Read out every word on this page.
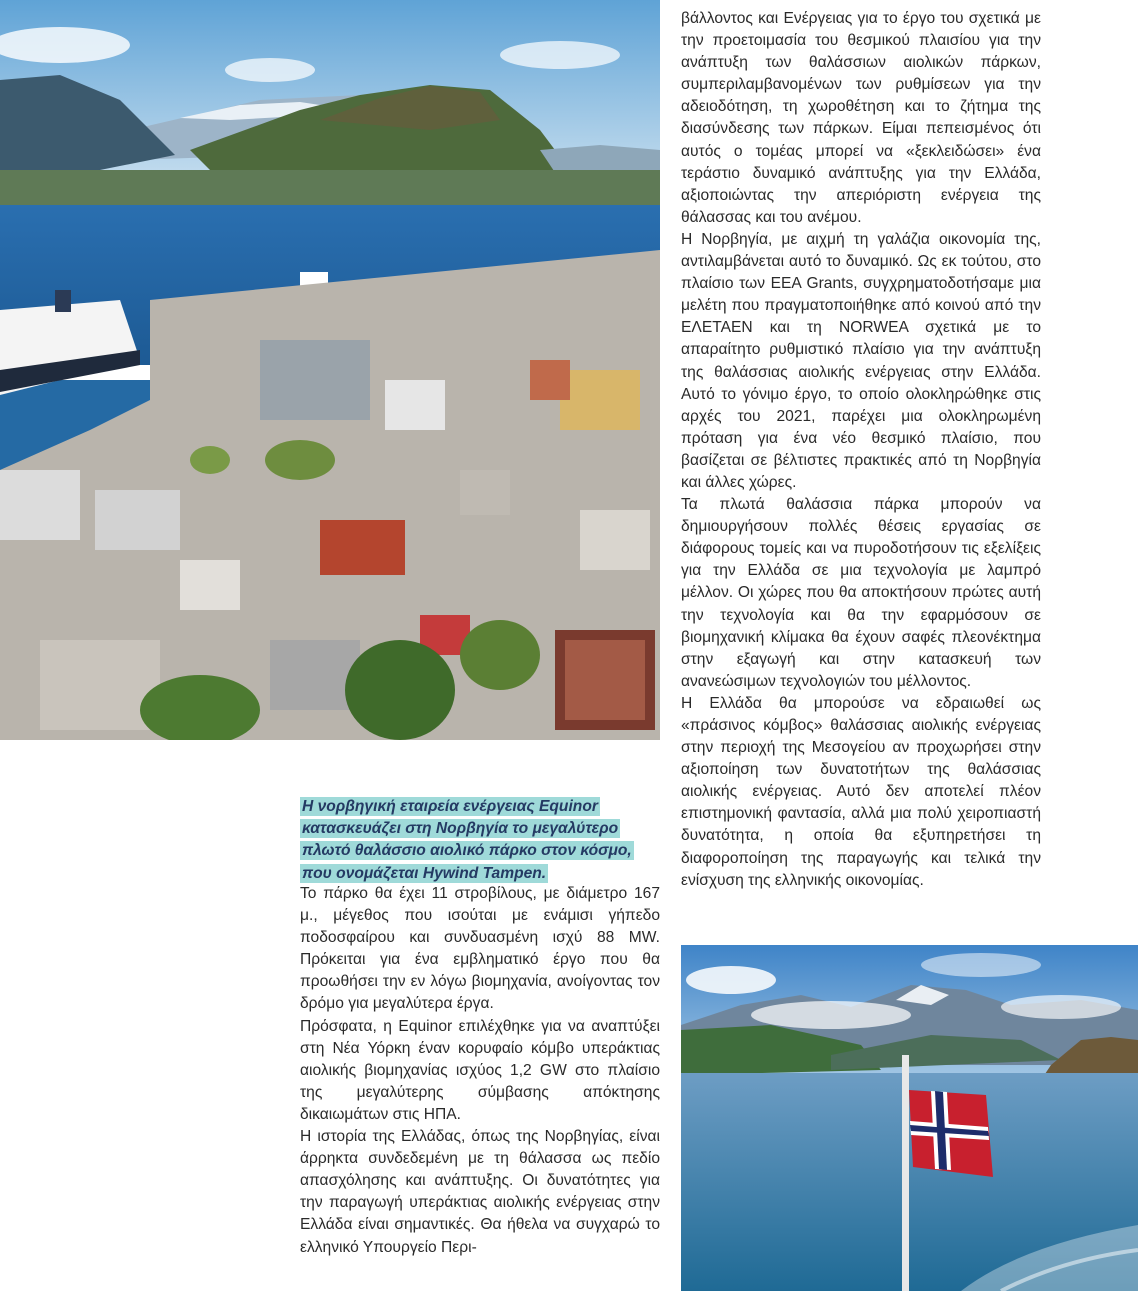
βάλλοντος και Ενέργειας για το έργο του σχετικά με την προετοιμασία του θεσμικού πλαισίου για την ανάπτυξη των θαλάσσιων αιολικών πάρκων, συμπεριλαμβανομένων των ρυθμίσεων για την αδειοδότηση, τη χωροθέτηση και το ζήτημα της διασύνδεσης των πάρκων. Είμαι πεπεισμένος ότι αυτός ο τομέας μπορεί να «ξεκλειδώσει» ένα τεράστιο δυναμικό ανάπτυξης για την Ελλάδα, αξιοποιώντας την απεριόριστη ενέργεια της θάλασσας και του ανέμου.

Η Νορβηγία, με αιχμή τη γαλάζια οικονομία της, αντιλαμβάνεται αυτό το δυναμικό. Ως εκ τούτου, στο πλαίσιο των EEA Grants, συγχρηματοδοτήσαμε μια μελέτη που πραγματοποιήθηκε από κοινού από την ΕΛΕΤΑΕΝ και τη NORWEA σχετικά με το απαραίτητο ρυθμιστικό πλαίσιο για την ανάπτυξη της θαλάσσιας αιολικής ενέργειας στην Ελλάδα. Αυτό το γόνιμο έργο, το οποίο ολοκληρώθηκε στις αρχές του 2021, παρέχει μια ολοκληρωμένη πρόταση για ένα νέο θεσμικό πλαίσιο, που βασίζεται σε βέλτιστες πρακτικές από τη Νορβηγία και άλλες χώρες.

Τα πλωτά θαλάσσια πάρκα μπορούν να δημιουργήσουν πολλές θέσεις εργασίας σε διάφορους τομείς και να πυροδοτήσουν τις εξελίξεις για την Ελλάδα σε μια τεχνολογία με λαμπρό μέλλον. Οι χώρες που θα αποκτήσουν πρώτες αυτή την τεχνολογία και θα την εφαρμόσουν σε βιομηχανική κλίμακα θα έχουν σαφές πλεονέκτημα στην εξαγωγή και στην κατασκευή των ανανεώσιμων τεχνολογιών του μέλλοντος.

Η Ελλάδα θα μπορούσε να εδραιωθεί ως «πράσινος κόμβος» θαλάσσιας αιολικής ενέργειας στην περιοχή της Μεσογείου αν προχωρήσει στην αξιοποίηση των δυνατοτήτων της θαλάσσιας αιολικής ενέργειας. Αυτό δεν αποτελεί πλέον επιστημονική φαντασία, αλλά μια πολύ χειροπιαστή δυνατότητα, η οποία θα εξυπηρετήσει τη διαφοροποίηση της παραγωγής και τελικά την ενίσχυση της ελληνικής οικονομίας.

Η νορβηγική εταιρεία ενέργειας Equinor κατασκευάζει στη Νορβηγία το μεγαλύτερο πλωτό θαλάσσιο αιολικό πάρκο στον κόσμο, που ονομάζεται Hywind Tampen.

Το πάρκο θα έχει 11 στροβίλους, με διάμετρο 167 μ., μέγεθος που ισούται με ενάμισι γήπεδο ποδοσφαίρου και συνδυασμένη ισχύ 88 MW. Πρόκειται για ένα εμβληματικό έργο που θα προωθήσει την εν λόγω βιομηχανία, ανοίγοντας τον δρόμο για μεγαλύτερα έργα.

Πρόσφατα, η Equinor επιλέχθηκε για να αναπτύξει στη Νέα Υόρκη έναν κορυφαίο κόμβο υπεράκτιας αιολικής βιομηχανίας ισχύος 1,2 GW στο πλαίσιο της μεγαλύτερης σύμβασης απόκτησης δικαιωμάτων στις ΗΠΑ.

Η ιστορία της Ελλάδας, όπως της Νορβηγίας, είναι άρρηκτα συνδεδεμένη με τη θάλασσα ως πεδίο απασχόλησης και ανάπτυξης. Οι δυνατότητες για την παραγωγή υπεράκτιας αιολικής ενέργειας στην Ελλάδα είναι σημαντικές. Θα ήθελα να συγχαρώ το ελληνικό Υπουργείο Περι-
